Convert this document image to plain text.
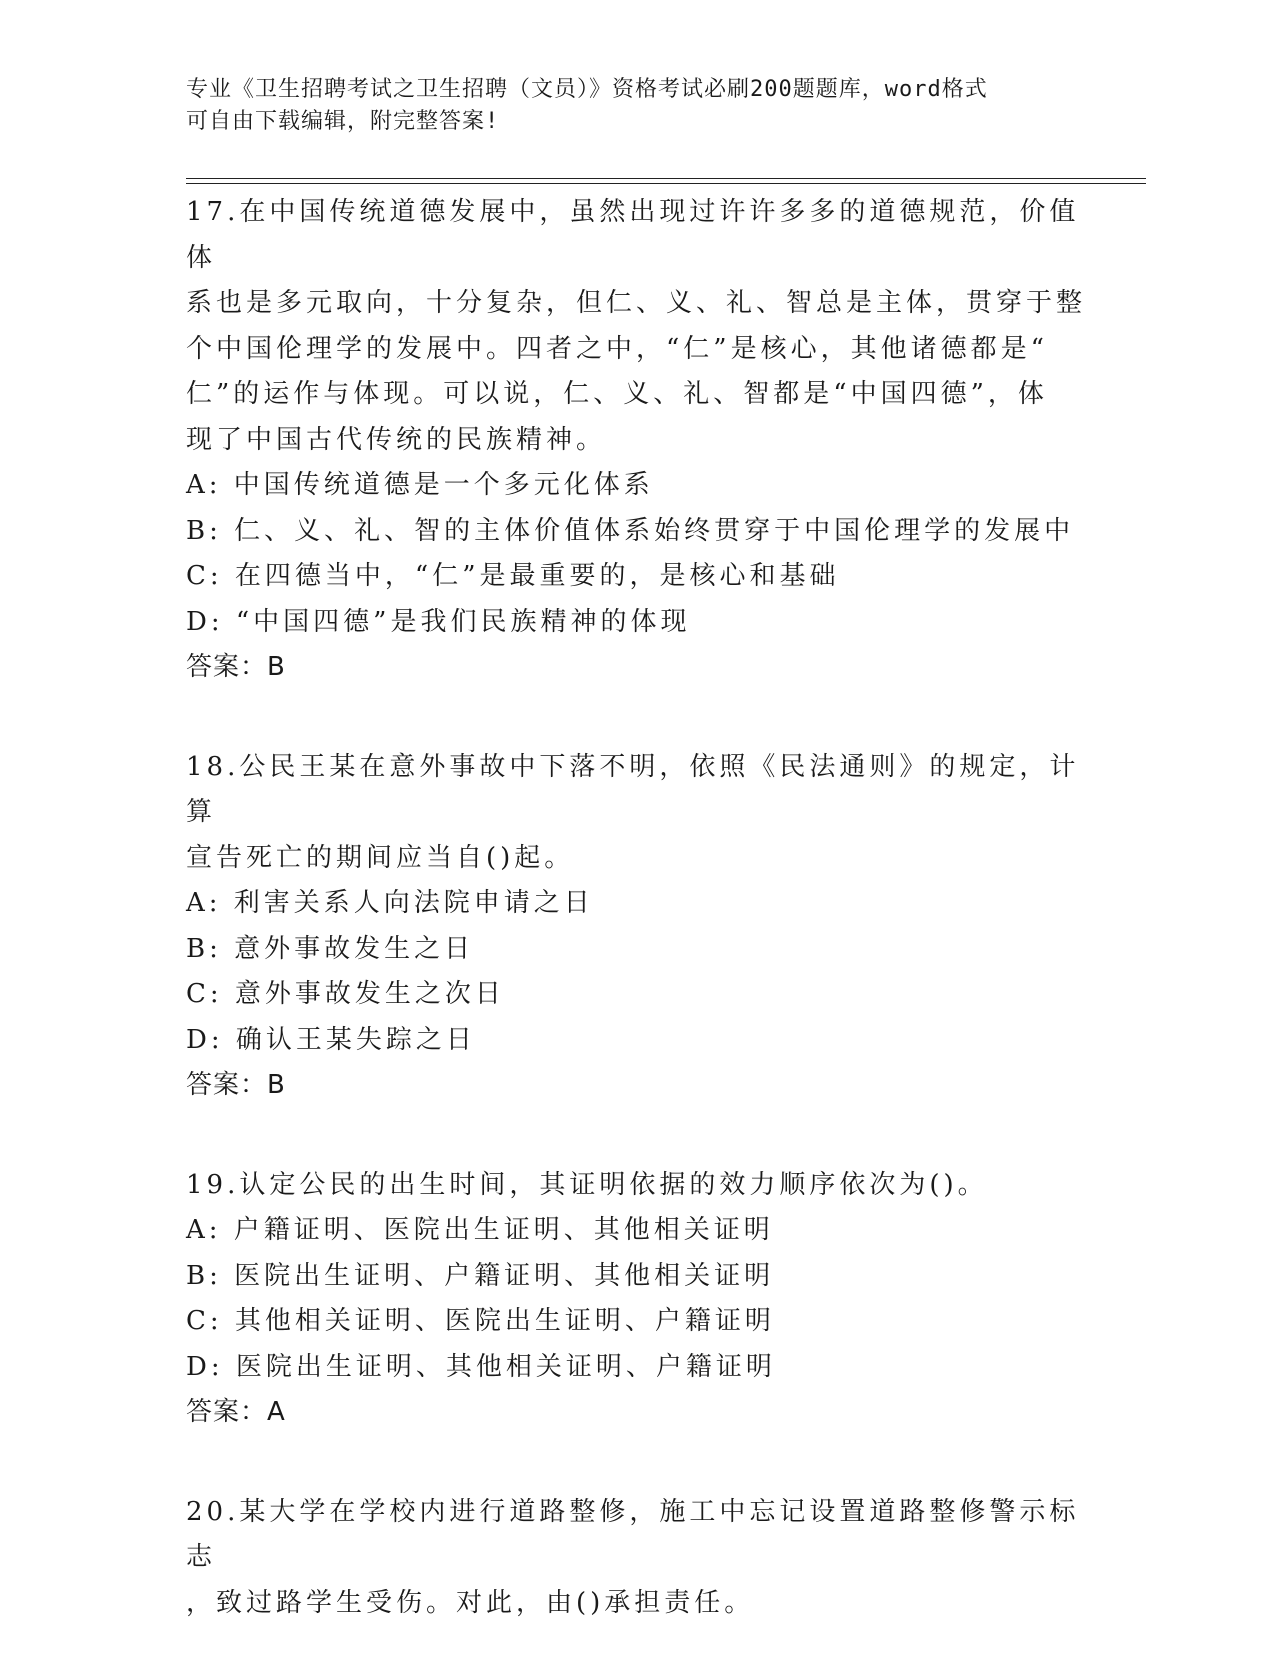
专业《卫生招聘考试之卫生招聘（文员）》资格考试必刷200题题库，word格式
可自由下载编辑，附完整答案!
17.在中国传统道德发展中，虽然出现过许许多多的道德规范，价值体
系也是多元取向，十分复杂，但仁、义、礼、智总是主体，贯穿于整
个中国伦理学的发展中。四者之中，“仁”是核心，其他诸德都是“
仁”的运作与体现。可以说，仁、义、礼、智都是“中国四德”，体
现了中国古代传统的民族精神。
A: 中国传统道德是一个多元化体系
B: 仁、义、礼、智的主体价值体系始终贯穿于中国伦理学的发展中
C: 在四德当中，“仁”是最重要的，是核心和基础
D: “中国四德”是我们民族精神的体现
答案：B
18.公民王某在意外事故中下落不明，依照《民法通则》的规定，计算
宣告死亡的期间应当自()起。
A: 利害关系人向法院申请之日
B: 意外事故发生之日
C: 意外事故发生之次日
D: 确认王某失踪之日
答案：B
19.认定公民的出生时间，其证明依据的效力顺序依次为()。
A: 户籍证明、医院出生证明、其他相关证明
B: 医院出生证明、户籍证明、其他相关证明
C: 其他相关证明、医院出生证明、户籍证明
D: 医院出生证明、其他相关证明、户籍证明
答案：A
20.某大学在学校内进行道路整修，施工中忘记设置道路整修警示标志
，致过路学生受伤。对此，由()承担责任。
